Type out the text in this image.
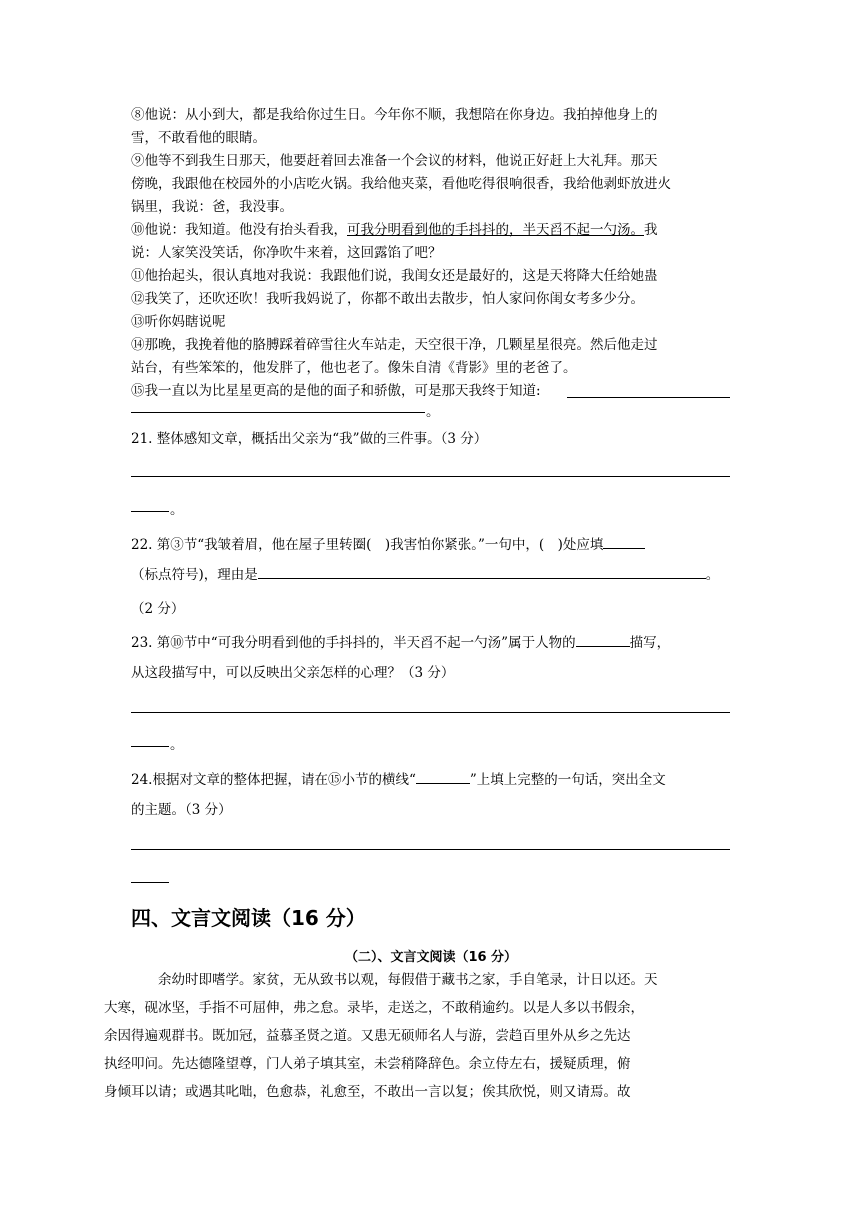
⑧他说：从小到大，都是我给你过生日。今年你不顺，我想陪在你身边。我拍掉他身上的
雪，不敢看他的眼睛。
⑨他等不到我生日那天，他要赶着回去准备一个会议的材料，他说正好赶上大礼拜。那天
傍晚，我跟他在校园外的小店吃火锅。我给他夹菜，看他吃得很响很香，我给他剥虾放进火
锅里，我说：爸，我没事。
⑩他说：我知道。他没有抬头看我，可我分明看到他的手抖抖的，半天舀不起一勺汤。我
说：人家笑没笑话，你净吹牛来着，这回露馅了吧？
⑪他抬起头，很认真地对我说：我跟他们说，我闺女还是最好的，这是天将降大任给她蛊
⑫我笑了，还吹还吹！我听我妈说了，你都不敢出去散步，怕人家问你闺女考多少分。
⑬听你妈瞎说呢
⑭那晚，我挽着他的胳膊踩着碎雪往火车站走，天空很干净，几颗星星很亮。然后他走过
站台，有些笨笨的，他发胖了，他也老了。像朱自清《背影》里的老爸了。
⑮我一直以为比星星更高的是他的面子和骄傲，可是那天我终于知道:
。
21. 整体感知文章，概括出父亲为“我”做的三件事。（3 分）
。
22. 第③节“我皱着眉，他在屋子里转圈(　)我害怕你紧张。”一句中，(　)处应填
（标点符号)，理由是	。
（2 分）
23. 第⑩节中“可我分明看到他的手抖抖的，半天舀不起一勺汤”属于人物的	描写，
从这段描写中，可以反映出父亲怎样的心理？（3 分）
。
24.根据对文章的整体把握，请在⑮小节的横线“	”上填上完整的一句话，突出全文
的主题。（3 分）
四、文言文阅读（16 分）
（二）、文言文阅读（16 分）
余幼时即嗜学。家贫，无从致书以观，每假借于藏书之家，手自笔录，计日以还。天
大寒，砚冰坚，手指不可屈伸，弗之怠。录毕，走送之，不敢稍逾约。以是人多以书假余，
余因得遍观群书。既加冠，益慕圣贤之道。又患无硕师名人与游，尝趋百里外从乡之先达
执经叩问。先达德隆望尊，门人弟子填其室，未尝稍降辞色。余立侍左右，援疑质理，俯
身倾耳以请；或遇其叱咄，色愈恭，礼愈至，不敢出一言以复；俟其欣悦，则又请焉。故
